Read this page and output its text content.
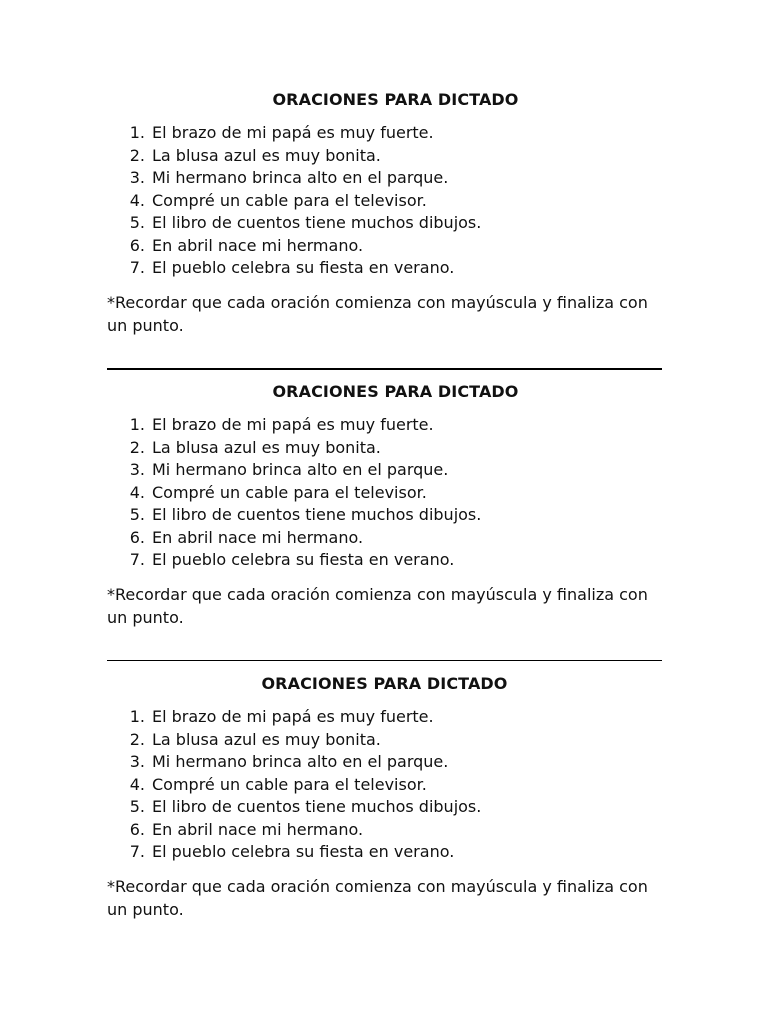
ORACIONES PARA DICTADO
1. El brazo de mi papá es muy fuerte.
2. La blusa azul es muy bonita.
3. Mi hermano brinca alto en el parque.
4. Compré un cable para el televisor.
5. El libro de cuentos tiene muchos dibujos.
6. En abril nace mi hermano.
7. El pueblo celebra su fiesta en verano.

*Recordar que cada oración comienza con mayúscula y finaliza con un punto.

ORACIONES PARA DICTADO
1. El brazo de mi papá es muy fuerte.
2. La blusa azul es muy bonita.
3. Mi hermano brinca alto en el parque.
4. Compré un cable para el televisor.
5. El libro de cuentos tiene muchos dibujos.
6. En abril nace mi hermano.
7. El pueblo celebra su fiesta en verano.

*Recordar que cada oración comienza con mayúscula y finaliza con un punto.

ORACIONES PARA DICTADO
1. El brazo de mi papá es muy fuerte.
2. La blusa azul es muy bonita.
3. Mi hermano brinca alto en el parque.
4. Compré un cable para el televisor.
5. El libro de cuentos tiene muchos dibujos.
6. En abril nace mi hermano.
7. El pueblo celebra su fiesta en verano.

*Recordar que cada oración comienza con mayúscula y finaliza con un punto.
